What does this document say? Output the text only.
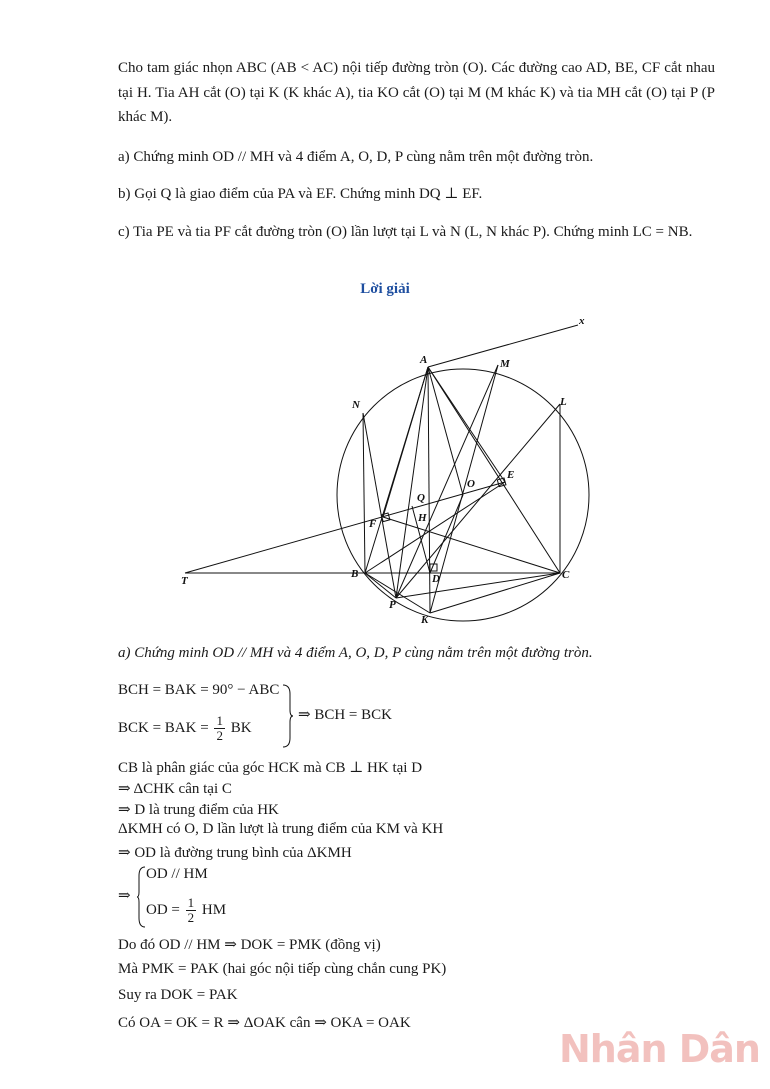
Cho tam giác nhọn ABC (AB < AC) nội tiếp đường tròn (O). Các đường cao AD, BE, CF cắt nhau tại H. Tia AH cắt (O) tại K (K khác A), tia KO cắt (O) tại M (M khác K) và tia MH cắt (O) tại P (P khác M).
a) Chứng minh OD // MH và 4 điểm A, O, D, P cùng nằm trên một đường tròn.
b) Gọi Q là giao điểm của PA và EF. Chứng minh DQ ⊥ EF.
c) Tia PE và tia PF cắt đường tròn (O) lần lượt tại L và N (L, N khác P). Chứng minh LC = NB.
Lời giải
x
A	M
N	L
E
O
Q
F	H
T
B	D	C
P
K
a) Chứng minh OD // MH và 4 điểm A, O, D, P cùng nằm trên một đường tròn.
BCH = BAK = 90° − ABC
BCK = BAK = $\frac{1}{2}$ BK
⇒ BCH = BCK
CB là phân giác của góc HCK mà CB ⊥ HK tại D
⇒ ΔCHK cân tại C
⇒ D là trung điểm của HK
ΔKMH có O, D lần lượt là trung điểm của KM và KH
⇒ OD là đường trung bình của ΔKMH
⇒
OD // HM
OD = $\frac{1}{2}$ HM
Do đó OD // HM ⇒ DOK = PMK (đồng vị)
Mà PMK = PAK (hai góc nội tiếp cùng chắn cung PK)
Suy ra DOK = PAK
Có OA = OK = R ⇒ ΔOAK cân ⇒ OKA = OAK
Nhân Dân
